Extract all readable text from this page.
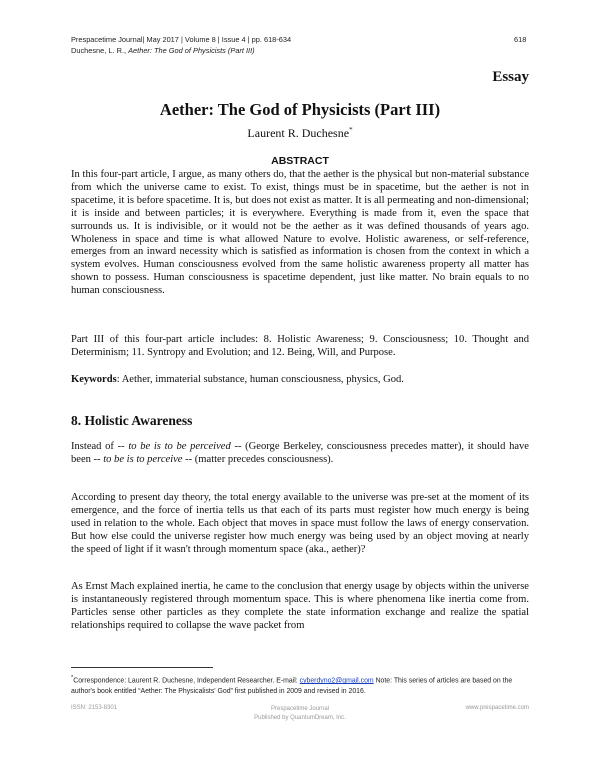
Prespacetime Journal| May 2017 | Volume 8 | Issue 4 | pp. 618-634
Duchesne, L. R., Aether: The God of Physicists (Part III)
618
Essay
Aether: The God of Physicists (Part III)
Laurent R. Duchesne*
ABSTRACT

In this four-part article, I argue, as many others do, that the aether is the physical but non-material substance from which the universe came to exist. To exist, things must be in spacetime, but the aether is not in spacetime, it is before spacetime. It is, but does not exist as matter. It is all permeating and non-dimensional; it is inside and between particles; it is everywhere. Everything is made from it, even the space that surrounds us. It is indivisible, or it would not be the aether as it was defined thousands of years ago. Wholeness in space and time is what allowed Nature to evolve. Holistic awareness, or self-reference, emerges from an inward necessity which is satisfied as information is chosen from the context in which a system evolves. Human consciousness evolved from the same holistic awareness property all matter has shown to possess. Human consciousness is spacetime dependent, just like matter. No brain equals to no human consciousness.

Part III of this four-part article includes: 8. Holistic Awareness; 9. Consciousness; 10. Thought and Determinism; 11. Syntropy and Evolution; and 12. Being, Will, and Purpose.

Keywords: Aether, immaterial substance, human consciousness, physics, God.

8. Holistic Awareness

Instead of -- to be is to be perceived -- (George Berkeley, consciousness precedes matter), it should have been -- to be is to perceive -- (matter precedes consciousness).

According to present day theory, the total energy available to the universe was pre-set at the moment of its emergence, and the force of inertia tells us that each of its parts must register how much energy is being used in relation to the whole. Each object that moves in space must follow the laws of energy conservation. But how else could the universe register how much energy was being used by an object moving at nearly the speed of light if it wasn't through momentum space (aka., aether)?

As Ernst Mach explained inertia, he came to the conclusion that energy usage by objects within the universe is instantaneously registered through momentum space. This is where phenomena like inertia come from. Particles sense other particles as they complete the state information exchange and realize the spatial relationships required to collapse the wave packet from

*Correspondence: Laurent R. Duchesne, Independent Researcher. E-mail: cyberdyno2@gmail.com Note: This series of articles are based on the author's book entitled “Aether: The Physicalists' God” first published in 2009 and revised in 2016.
ISSN: 2153-8301	Prespacetime Journal
Published by QuantumDream, Inc.
www.prespacetime.com
